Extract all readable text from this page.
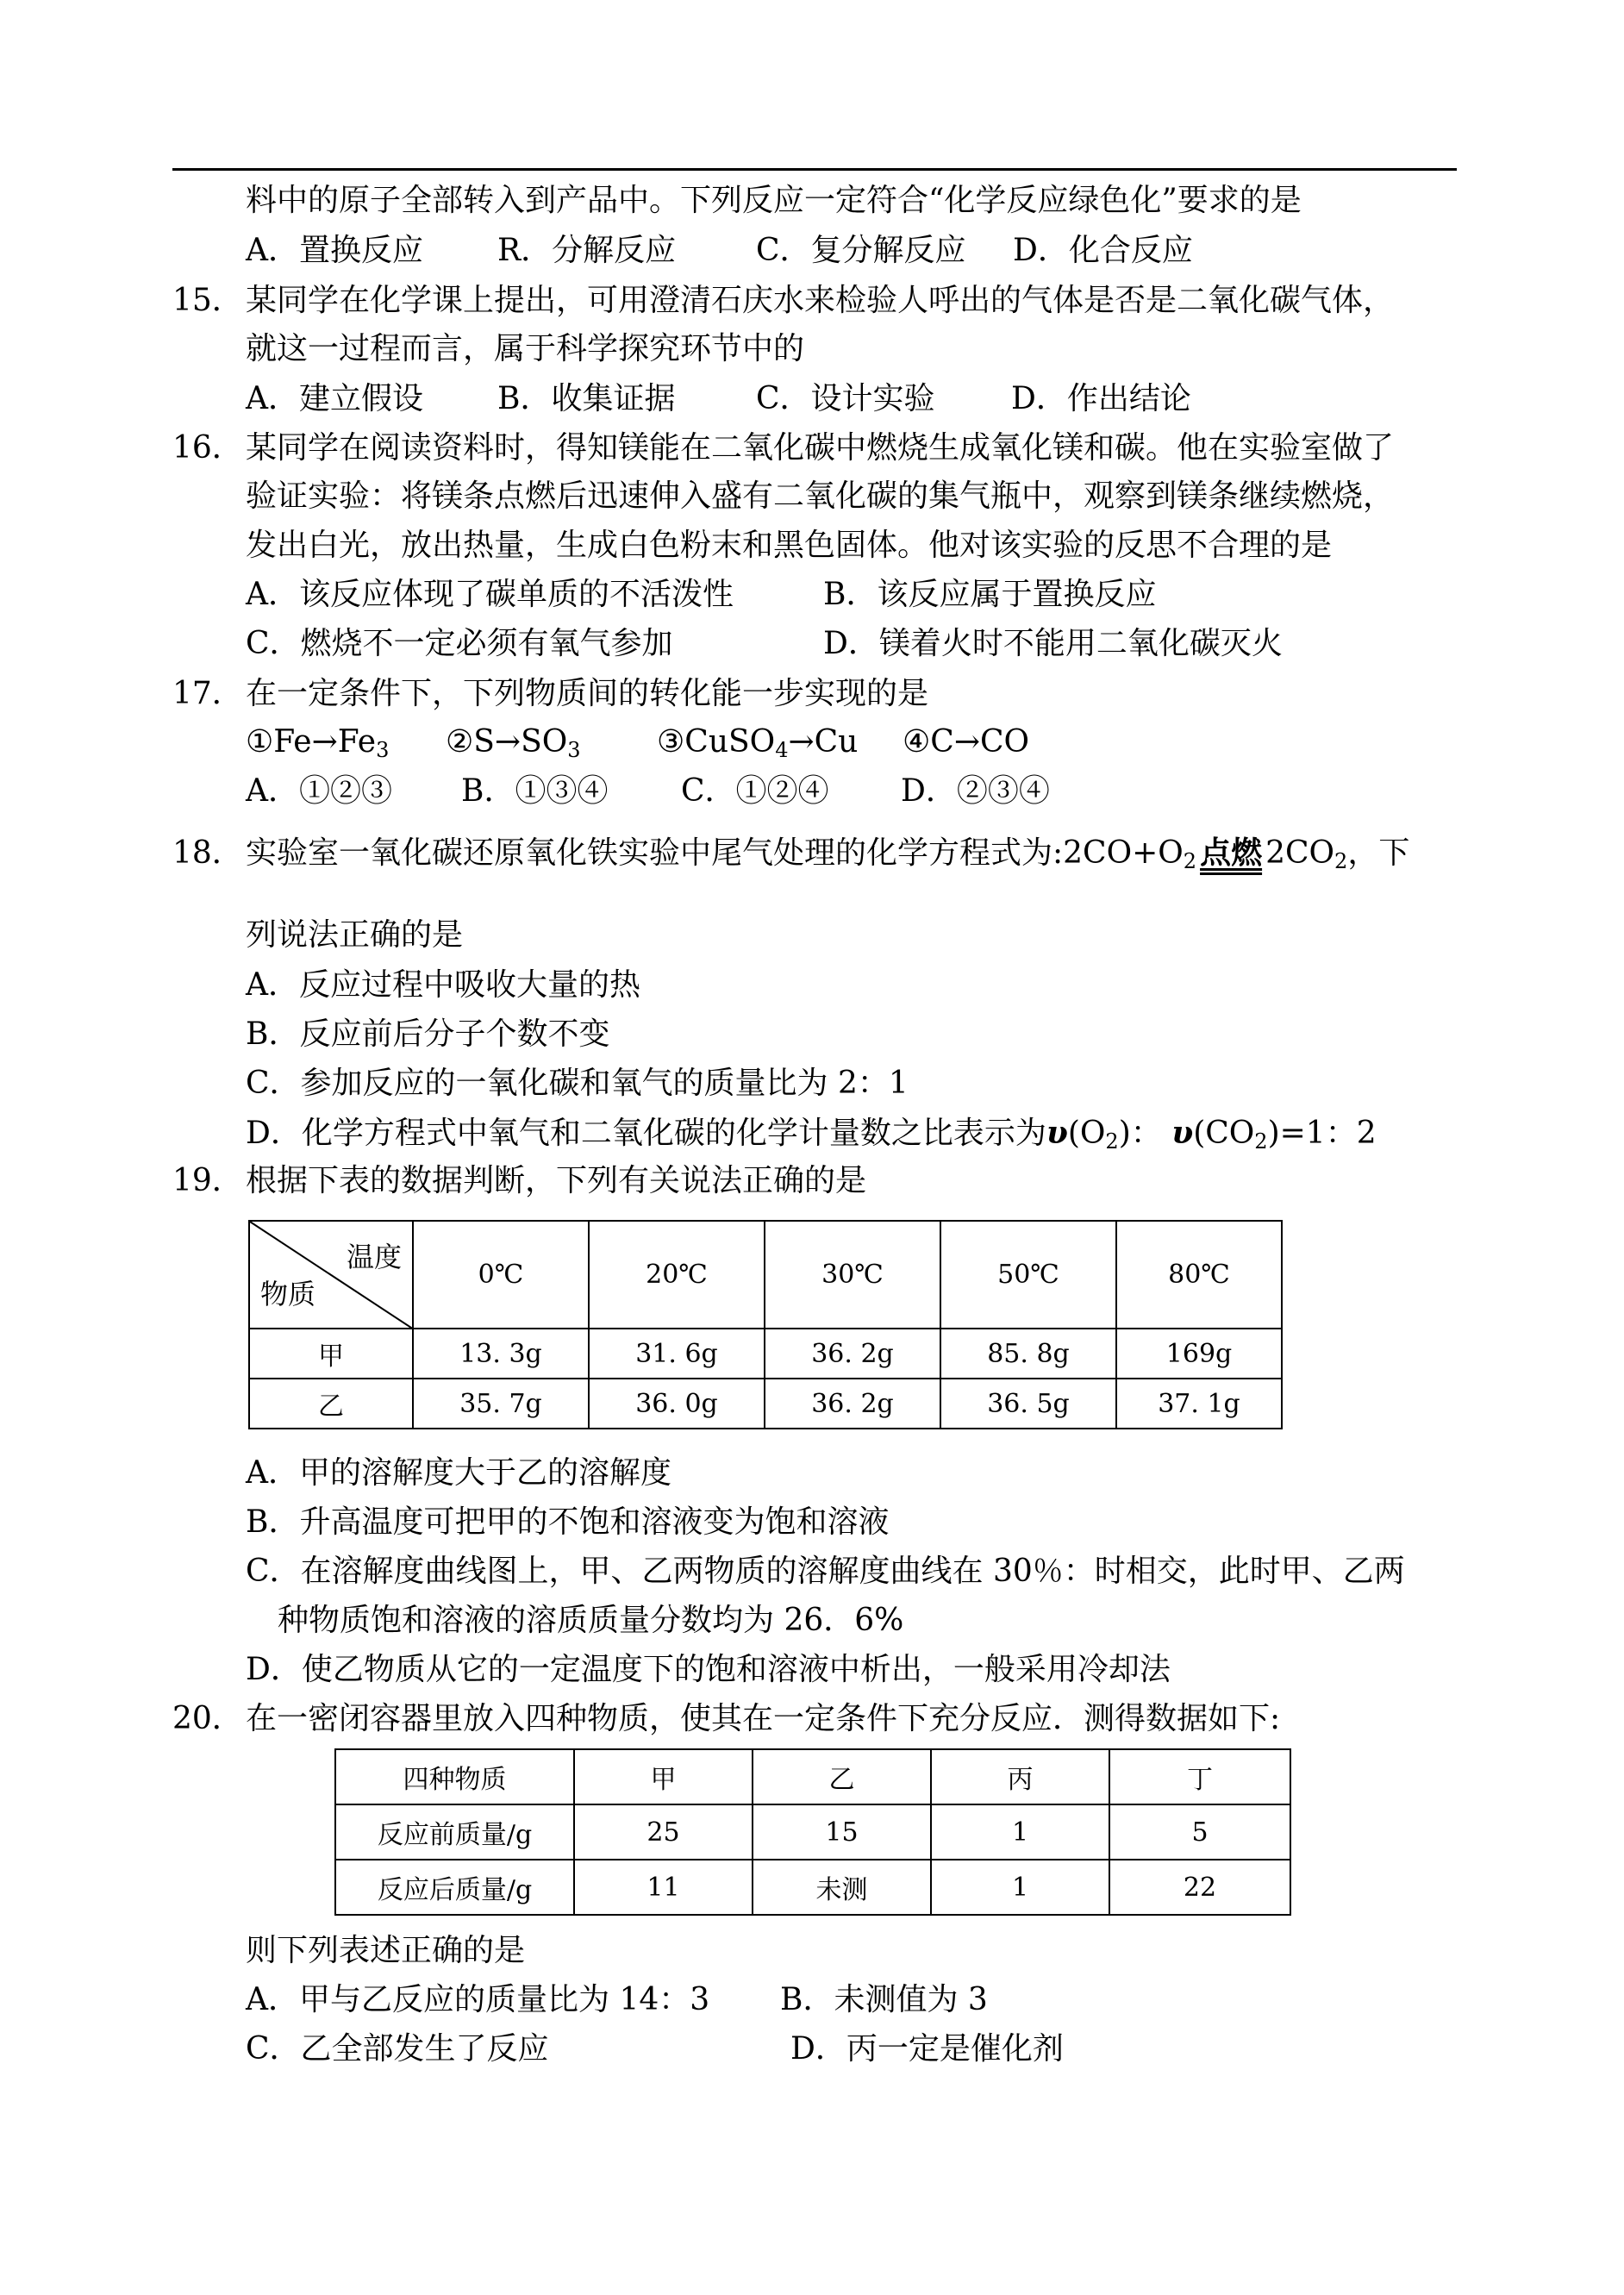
料中的原子全部转入到产品中。下列反应一定符合“化学反应绿色化”要求的是
A．置换反应 R．分解反应	C．复分解反应 D．化合反应
15．某同学在化学课上提出，可用澄清石庆水来检验人呼出的气体是否是二氧化碳气体，
就这一过程而言，属于科学探究环节中的
A．建立假设 B．收集证据	C．设计实验 D．作出结论
16．某同学在阅读资料时，得知镁能在二氧化碳中燃烧生成氧化镁和碳。他在实验室做了
验证实验：将镁条点燃后迅速伸入盛有二氧化碳的集气瓶中，观察到镁条继续燃烧，
发出白光，放出热量，生成白色粉末和黑色固体。他对该实验的反思不合理的是
A．该反应体现了碳单质的不活泼性	B．该反应属于置换反应
C．燃烧不一定必须有氧气参加	D．镁着火时不能用二氧化碳灭火
17．在一定条件下，下列物质间的转化能一步实现的是
$①Fe\to Fe_3$ $②S\to SO_3$ ③CuSO$_4$→Cu ④C→CO
A．①②③ B．①③④ C．①②④ D．②③④
18．实验室一氧化碳还原氧化铁实验中尾气处理的化学方程式为$:2CO+O_2$ 点燃 $2CO_2$，下
列说法正确的是
A．反应过程中吸收大量的热
B．反应前后分子个数不变
C．参加反应的一氧化碳和氧气的质量比为 2：1
D．化学方程式中氧气和二氧化碳的化学计量数之比表示为$\upsilon(O_2)$： $\upsilon(CO_2)=1$：2
19．根据下表的数据判断，下列有关说法正确的是
温度
物质	0℃	20℃	30℃	50℃	80℃
甲	13. 3g	31. 6g	36. 2g	85. 8g	169g
乙	35. 7g	36. 0g	36. 2g	36. 5g	37. 1g
A．甲的溶解度大于乙的溶解度
B．升高温度可把甲的不饱和溶液变为饱和溶液
C．在溶解度曲线图上，甲、乙两物质的溶解度曲线在 30％：时相交，此时甲、乙两
种物质饱和溶液的溶质质量分数均为 26．6%
D．使乙物质从它的一定温度下的饱和溶液中析出，一般采用冷却法
20．在一密闭容器里放入四种物质，使其在一定条件下充分反应．测得数据如下:
四种物质	甲	乙	丙	丁
反应前质量/g	25	15	1	5
反应后质量/g	11	未测	1	22
则下列表述正确的是
A．甲与乙反应的质量比为 14：3 B．未测值为 3
C．乙全部发生了反应	D．丙一定是催化剂
